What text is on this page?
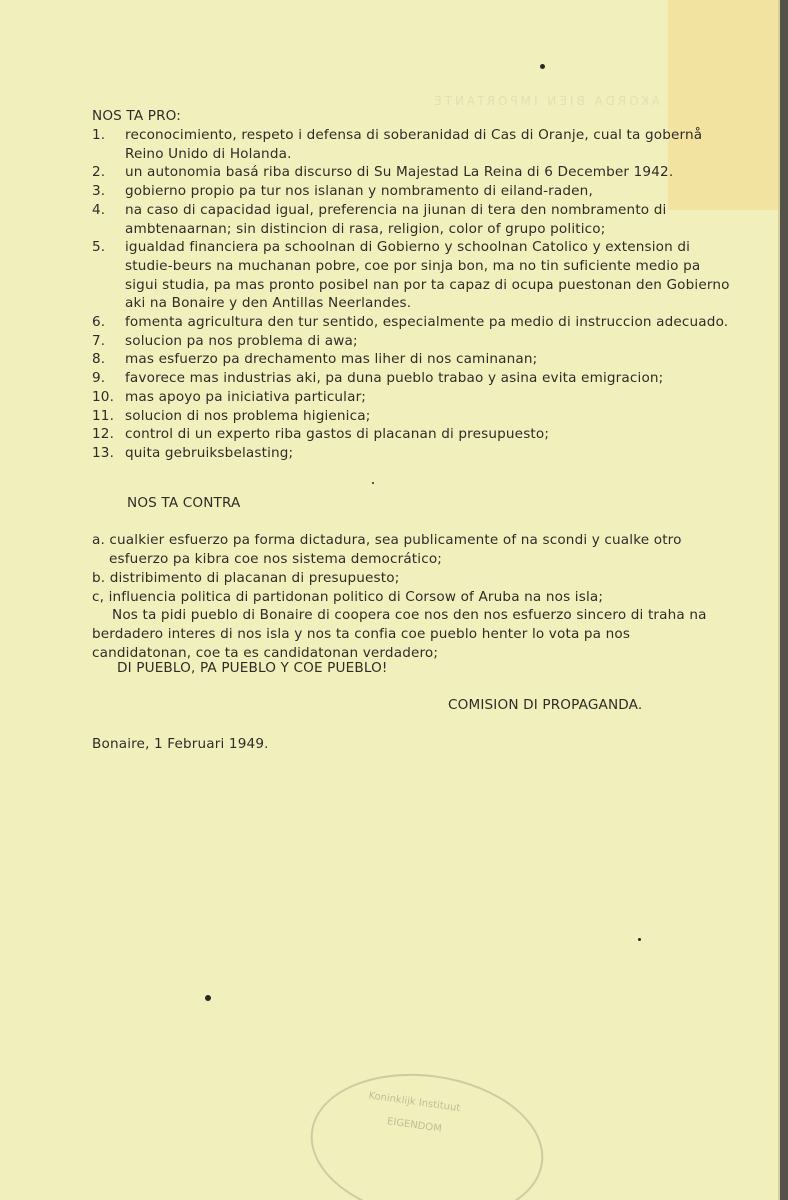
AKORDA BIEN IMPORTANTE
NOS TA PRO:
1.	reconocimiento, respeto i defensa di soberanidad di Cas di Oranje, cual ta gobernå Reino Unido di Holanda.
2.	un autonomia basá riba discurso di Su Majestad La Reina di 6 December 1942.
3.	gobierno propio pa tur nos islanan y nombramento di eiland-raden,
4.	na caso di capacidad igual, preferencia na jiunan di tera den nombramento di ambtenaarnan; sin distincion di rasa, religion, color of grupo politico;
5.	igualdad financiera pa schoolnan di Gobierno y schoolnan Catolico y extension di studie-beurs na muchanan pobre, coe por sinja bon, ma no tin suficiente medio pa sigui studia, pa mas pronto posibel nan por ta capaz di ocupa puestonan den Gobierno aki na Bonaire y den Antillas Neerlandes.
6.	fomenta agricultura den tur sentido, especialmente pa medio di instruccion adecuado.
7.	solucion pa nos problema di awa;
8.	mas esfuerzo pa drechamento mas liher di nos caminanan;
9.	favorece mas industrias aki, pa duna pueblo trabao y asina evita emigracion;
10. mas apoyo pa iniciativa particular;
11. solucion di nos problema higienica;
12. control di un experto riba gastos di placanan di presupuesto;
13. quita gebruiksbelasting;
NOS TA CONTRA
a. cualkier esfuerzo pa forma dictadura, sea publicamente of na scondi y cualke otro esfuerzo pa kibra coe nos sistema democrático;
b. distribimento di placanan di presupuesto;
c, influencia politica di partidonan politico di Corsow of Aruba na nos isla;
Nos ta pidi pueblo di Bonaire di coopera coe nos den nos esfuerzo sincero di traha na berdadero interes di nos isla y nos ta confia coe pueblo henter lo vota pa nos candidatonan, coe ta es candidatonan verdadero;
DI PUEBLO, PA PUEBLO Y COE PUEBLO!
COMISION DI PROPAGANDA.
Bonaire, 1 Februari 1949.
Koninklijk Instituut
EIGENDOM
